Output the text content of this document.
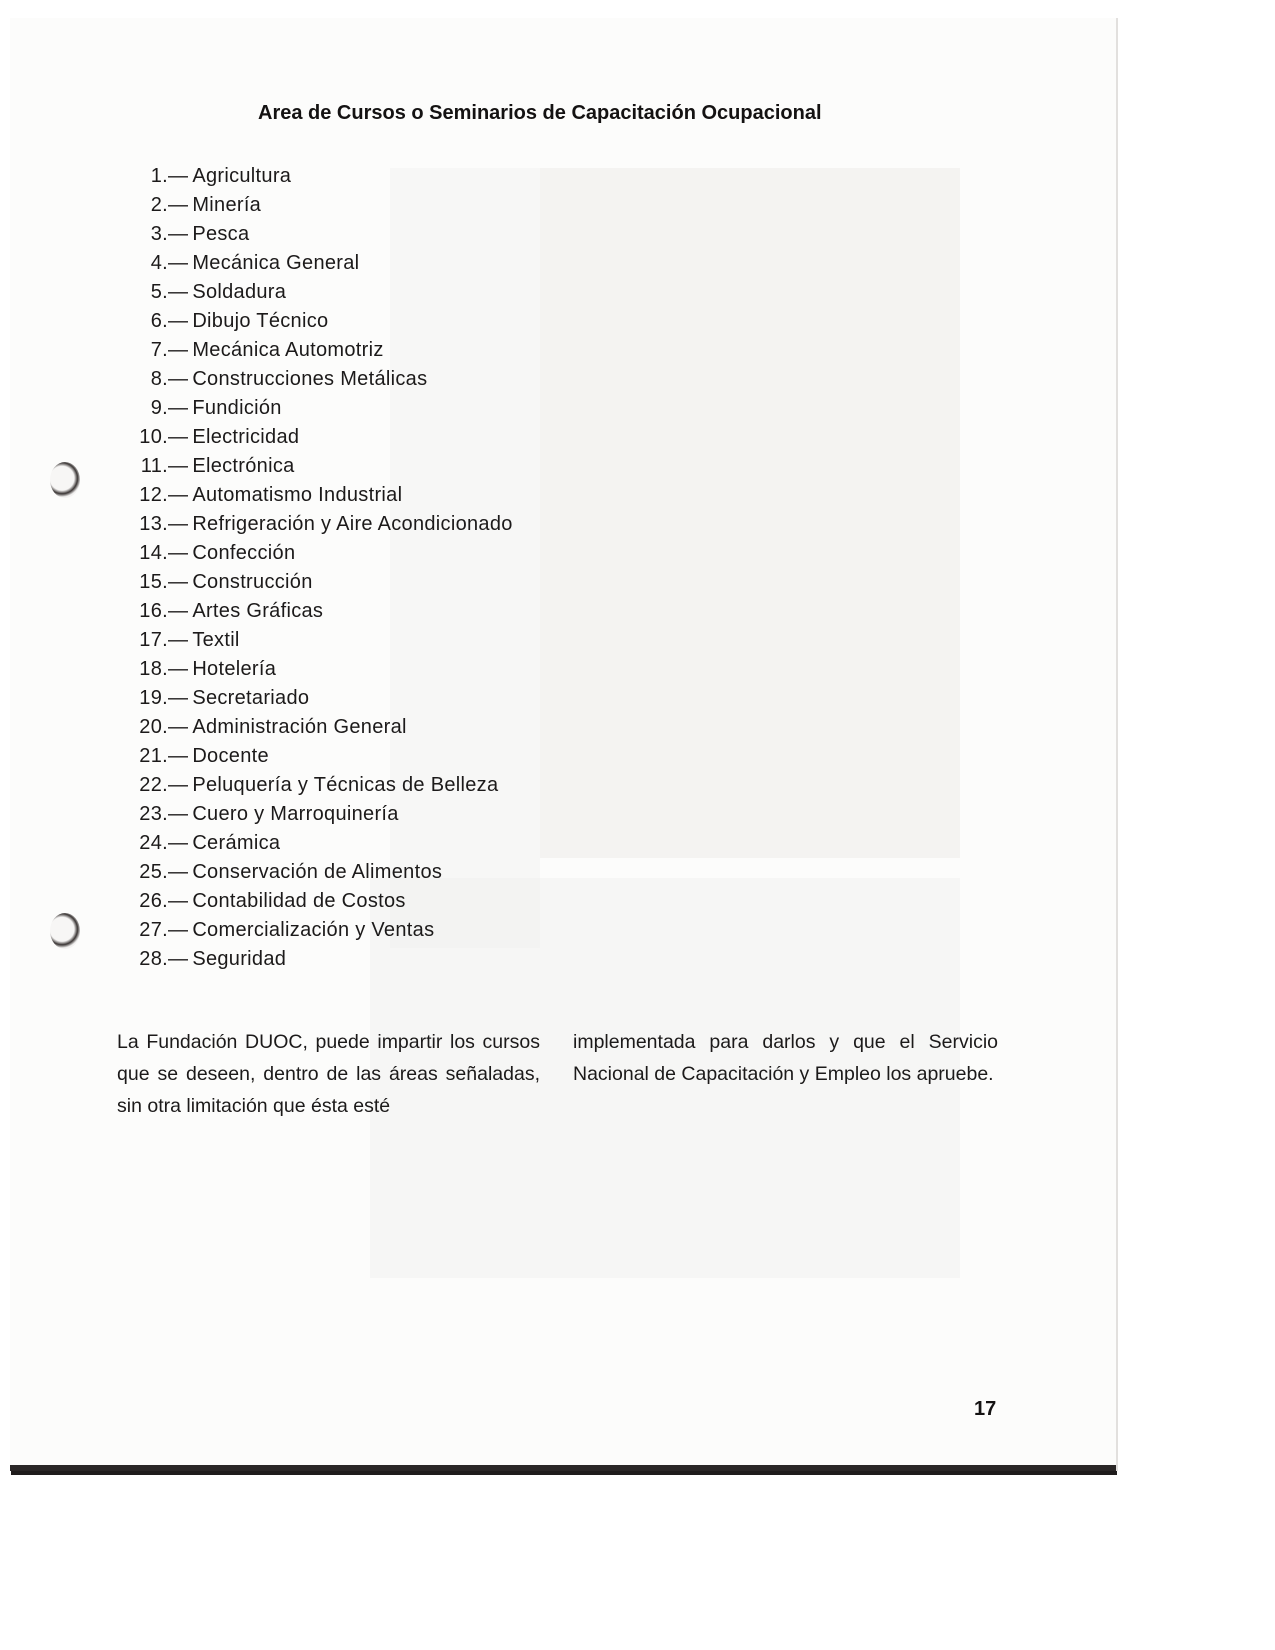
Area de Cursos o Seminarios de Capacitación Ocupacional
1.— Agricultura
2.— Minería
3.— Pesca
4.— Mecánica General
5.— Soldadura
6.— Dibujo Técnico
7.— Mecánica Automotriz
8.— Construcciones Metálicas
9.— Fundición
10.— Electricidad
11.— Electrónica
12.— Automatismo Industrial
13.— Refrigeración y Aire Acondicionado
14.— Confección
15.— Construcción
16.— Artes Gráficas
17.— Textil
18.— Hotelería
19.— Secretariado
20.— Administración General
21.— Docente
22.— Peluquería y Técnicas de Belleza
23.— Cuero y Marroquinería
24.— Cerámica
25.— Conservación de Alimentos
26.— Contabilidad de Costos
27.— Comercialización y Ventas
28.— Seguridad

La Fundación DUOC, puede impartir los cursos que se deseen, dentro de las áreas señaladas, sin otra limitación que ésta esté

implementada para darlos y que el Servicio Nacional de Capacitación y Empleo los apruebe.

17
